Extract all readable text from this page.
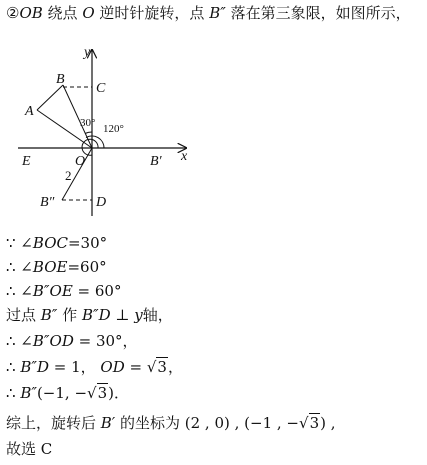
②OB 绕点 O 逆时针旋转，点 B″ 落在第三象限，如图所示，
x
y
A
B
C
E	O	B′
2
B″	D
30° 120°
∵ ∠BOC=30°
∴ ∠BOE=60°
∴ ∠B″OE = 60°
过点 B″ 作 B″D ⊥ y轴，
∴ ∠B″OD = 30°，
∴ B″D = 1， OD = √3，
∴ B″(−1, −√3)．
综上，旋转后 B′ 的坐标为 (2 , 0) , (−1 , −√3) ,
故选 C
